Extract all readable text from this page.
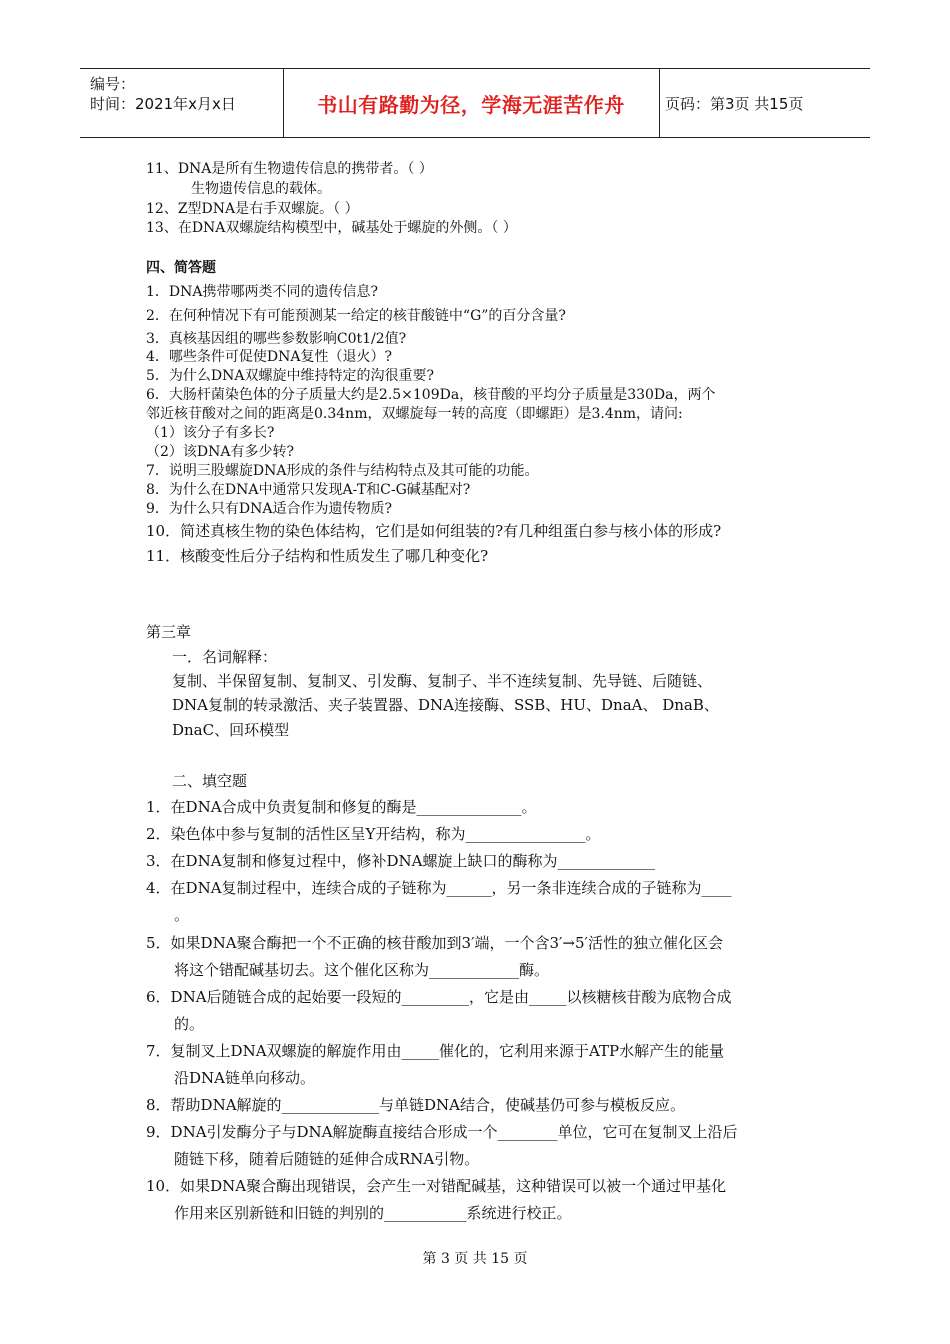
编号：
时间：2021年x月x日	书山有路勤为径，学海无涯苦作舟	页码：第3页 共15页
11、DNA是所有生物遗传信息的携带者。（ ）
生物遗传信息的载体。
12、Z型DNA是右手双螺旋。（ ）
13、在DNA双螺旋结构模型中，碱基处于螺旋的外侧。（ ）
四、简答题
1．DNA携带哪两类不同的遗传信息?
2．在何种情况下有可能预测某一给定的核苷酸链中“G”的百分含量?
3．真核基因组的哪些参数影响C0t1/2值?
4．哪些条件可促使DNA复性（退火）?
5．为什么DNA双螺旋中维持特定的沟很重要?
6．大肠杆菌染色体的分子质量大约是2.5×109Da，核苷酸的平均分子质量是330Da，两个
邻近核苷酸对之间的距离是0.34nm，双螺旋每一转的高度（即螺距）是3.4nm，请问:
（1）该分子有多长?
（2）该DNA有多少转?
7．说明三股螺旋DNA形成的条件与结构特点及其可能的功能。
8．为什么在DNA中通常只发现A-T和C-G碱基配对?
9．为什么只有DNA适合作为遗传物质?
10．简述真核生物的染色体结构，它们是如何组装的?有几种组蛋白参与核小体的形成?
11．核酸变性后分子结构和性质发生了哪几种变化?
第三章
一．名词解释：
复制、半保留复制、复制叉、引发酶、复制子、半不连续复制、先导链、后随链、
DNA复制的转录激活、夹子装置器、DNA连接酶、SSB、HU、DnaA、 DnaB、
DnaC、回环模型
二、填空题
1．在DNA合成中负责复制和修复的酶是______________。
2．染色体中参与复制的活性区呈Y开结构，称为________________。
3．在DNA复制和修复过程中，修补DNA螺旋上缺口的酶称为_____________
4．在DNA复制过程中，连续合成的子链称为______，另一条非连续合成的子链称为____
。
5．如果DNA聚合酶把一个不正确的核苷酸加到3′端，一个含3′→5′活性的独立催化区会
将这个错配碱基切去。这个催化区称为____________酶。
6．DNA后随链合成的起始要一段短的_________，它是由_____以核糖核苷酸为底物合成
的。
7．复制叉上DNA双螺旋的解旋作用由_____催化的，它利用来源于ATP水解产生的能量
沿DNA链单向移动。
8．帮助DNA解旋的_____________与单链DNA结合，使碱基仍可参与模板反应。
9．DNA引发酶分子与DNA解旋酶直接结合形成一个________单位，它可在复制叉上沿后
随链下移，随着后随链的延伸合成RNA引物。
10．如果DNA聚合酶出现错误，会产生一对错配碱基，这种错误可以被一个通过甲基化
作用来区别新链和旧链的判别的___________系统进行校正。
第 3 页 共 15 页
